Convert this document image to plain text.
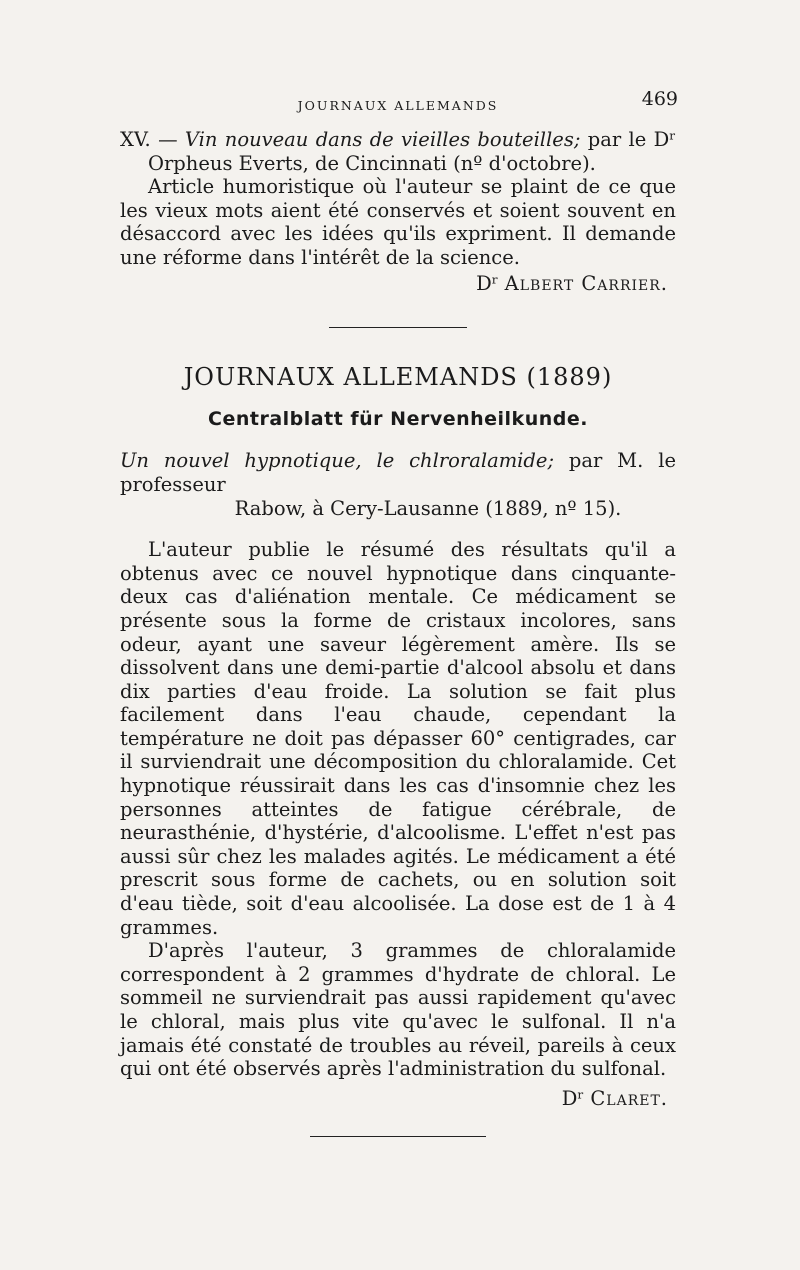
JOURNAUX ALLEMANDS	469

XV. — Vin nouveau dans de vieilles bouteilles; par le Dʳ Orpheus Everts, de Cincinnati (nº d'octobre).

Article humoristique où l'auteur se plaint de ce que les vieux mots aient été conservés et soient souvent en désaccord avec les idées qu'ils expriment. Il demande une réforme dans l'intérêt de la science.

Dʳ Albert Carrier.

JOURNAUX ALLEMANDS (1889)
Centralblatt für Nervenheilkunde.

Un nouvel hypnotique, le chlroralamide; par M. le professeur
Rabow, à Cery-Lausanne (1889, nº 15).

L'auteur publie le résumé des résultats qu'il a obtenus avec ce nouvel hypnotique dans cinquante-deux cas d'aliénation mentale. Ce médicament se présente sous la forme de cristaux incolores, sans odeur, ayant une saveur légèrement amère. Ils se dissolvent dans une demi-partie d'alcool absolu et dans dix parties d'eau froide. La solution se fait plus facilement dans l'eau chaude, cependant la température ne doit pas dépasser 60° centigrades, car il surviendrait une décomposition du chloralamide. Cet hypnotique réussirait dans les cas d'insomnie chez les personnes atteintes de fatigue cérébrale, de neurasthénie, d'hystérie, d'alcoolisme. L'effet n'est pas aussi sûr chez les malades agités. Le médicament a été prescrit sous forme de cachets, ou en solution soit d'eau tiède, soit d'eau alcoolisée. La dose est de 1 à 4 grammes.

D'après l'auteur, 3 grammes de chloralamide correspondent à 2 grammes d'hydrate de chloral. Le sommeil ne surviendrait pas aussi rapidement qu'avec le chloral, mais plus vite qu'avec le sulfonal. Il n'a jamais été constaté de troubles au réveil, pareils à ceux qui ont été observés après l'administration du sulfonal.

Dʳ Claret.
